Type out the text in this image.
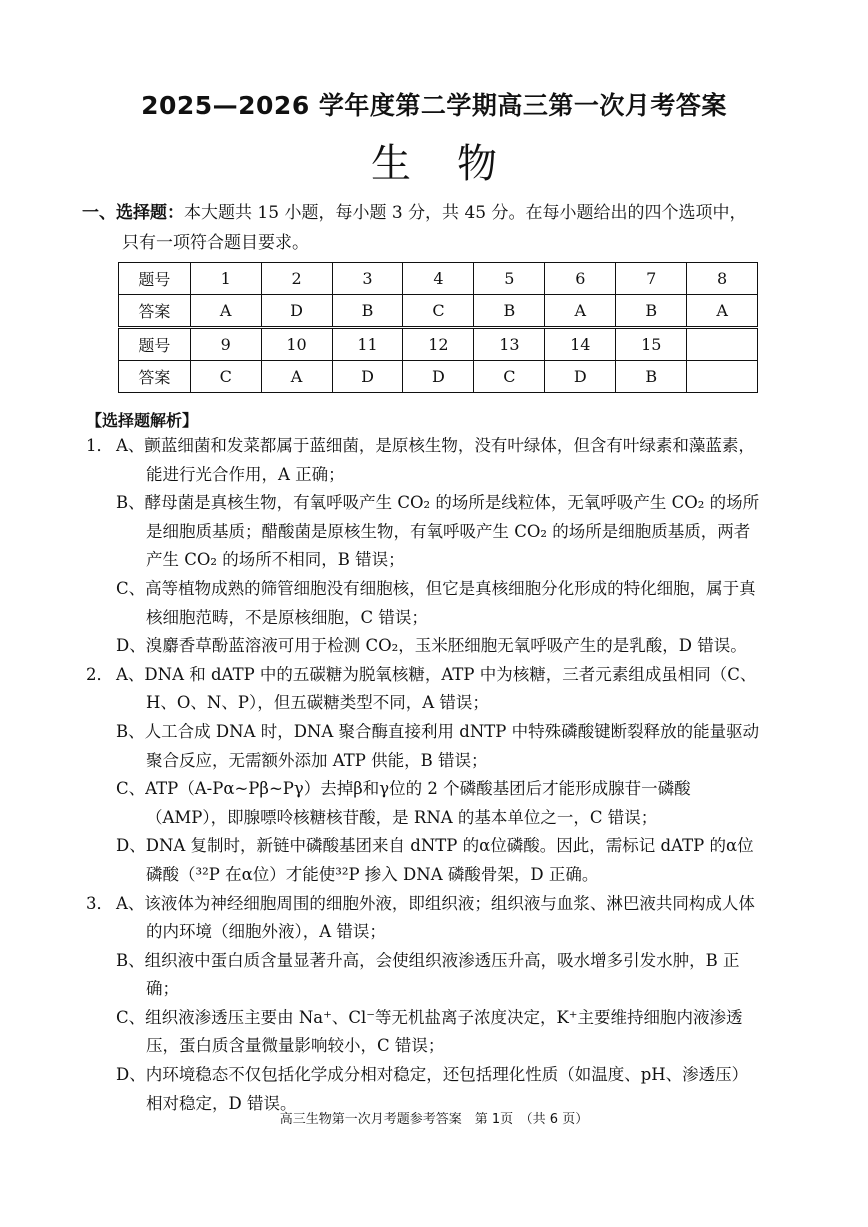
2025—2026 学年度第二学期高三第一次月考答案
生物
一、选择题：本大题共 15 小题，每小题 3 分，共 45 分。在每小题给出的四个选项中，
只有一项符合题目要求。
题号	1	2	3	4	5	6	7	8
答案	A	D	B	C	B	A	B	A
题号	9	10	11	12	13	14	15	
答案	C	A	D	D	C	D	B	
【选择题解析】
1． A、颤蓝细菌和发菜都属于蓝细菌，是原核生物，没有叶绿体，但含有叶绿素和藻蓝素，能进行光合作用，A 正确；
B、酵母菌是真核生物，有氧呼吸产生 CO₂ 的场所是线粒体，无氧呼吸产生 CO₂ 的场所是细胞质基质；醋酸菌是原核生物，有氧呼吸产生 CO₂ 的场所是细胞质基质，两者产生 CO₂ 的场所不相同，B 错误；
C、高等植物成熟的筛管细胞没有细胞核，但它是真核细胞分化形成的特化细胞，属于真核细胞范畴，不是原核细胞，C 错误；
D、溴麝香草酚蓝溶液可用于检测 CO₂，玉米胚细胞无氧呼吸产生的是乳酸，D 错误。
2． A、DNA 和 dATP 中的五碳糖为脱氧核糖，ATP 中为核糖，三者元素组成虽相同（C、H、O、N、P），但五碳糖类型不同，A 错误；
B、人工合成 DNA 时，DNA 聚合酶直接利用 dNTP 中特殊磷酸键断裂释放的能量驱动聚合反应，无需额外添加 ATP 供能，B 错误；
C、ATP（A-Pα~Pβ~Pγ）去掉β和γ位的 2 个磷酸基团后才能形成腺苷一磷酸（AMP），即腺嘌呤核糖核苷酸，是 RNA 的基本单位之一，C 错误；
D、DNA 复制时，新链中磷酸基团来自 dNTP 的α位磷酸。因此，需标记 dATP 的α位磷酸（³²P 在α位）才能使³²P 掺入 DNA 磷酸骨架，D 正确。
3． A、该液体为神经细胞周围的细胞外液，即组织液；组织液与血浆、淋巴液共同构成人体的内环境（细胞外液），A 错误；
B、组织液中蛋白质含量显著升高，会使组织液渗透压升高，吸水增多引发水肿，B 正确；
C、组织液渗透压主要由 Na⁺、Cl⁻等无机盐离子浓度决定，K⁺主要维持细胞内液渗透压，蛋白质含量微量影响较小，C 错误；
D、内环境稳态不仅包括化学成分相对稳定，还包括理化性质（如温度、pH、渗透压）相对稳定，D 错误。
高三生物第一次月考题参考答案　第 1页　（共 6 页）
